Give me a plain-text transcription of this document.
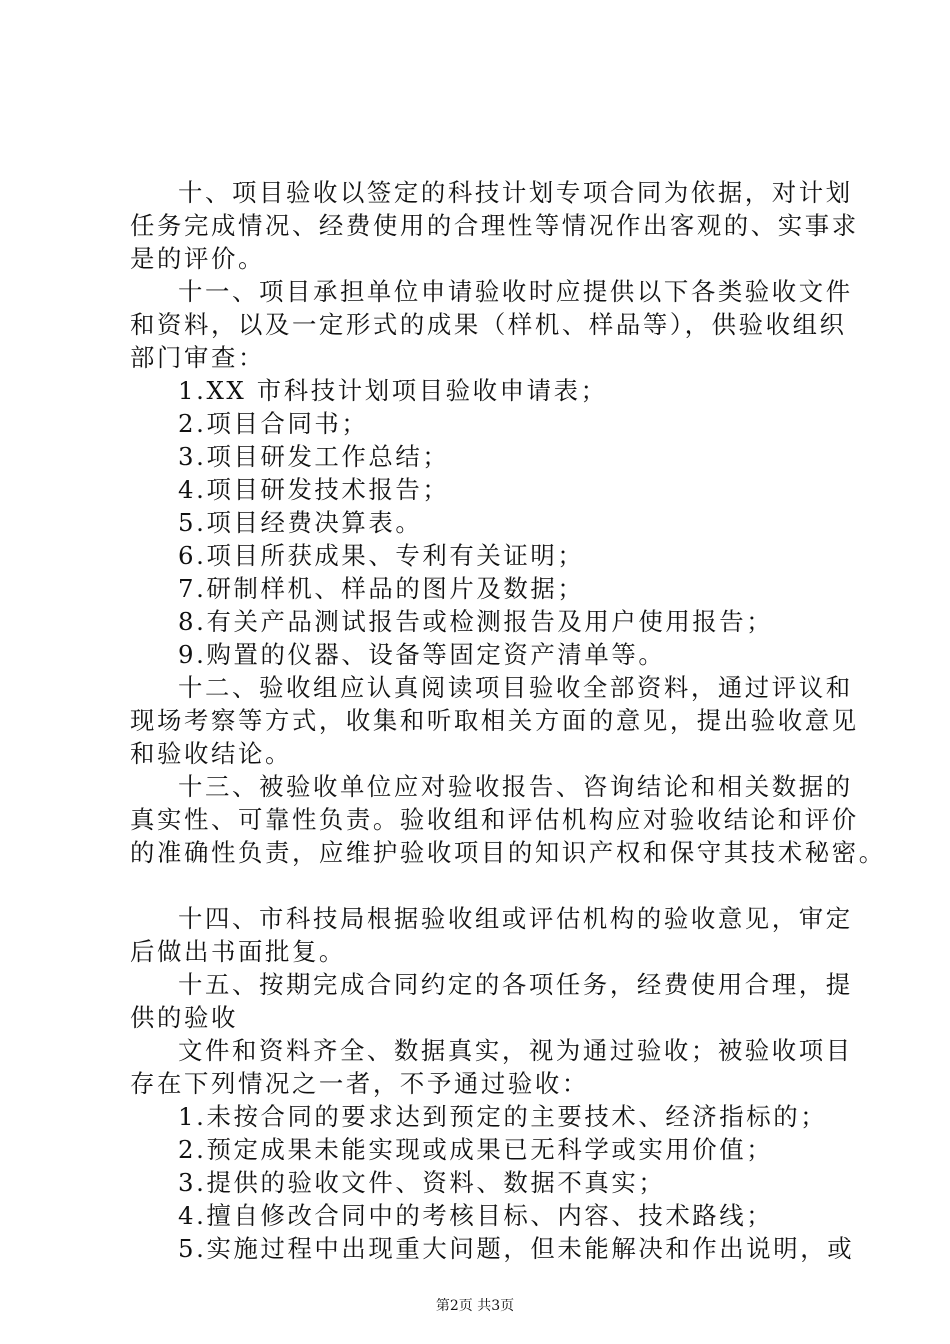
十、项目验收以签定的科技计划专项合同为依据，对计划
任务完成情况、经费使用的合理性等情况作出客观的、实事求
是的评价。
十一、项目承担单位申请验收时应提供以下各类验收文件
和资料，以及一定形式的成果（样机、样品等），供验收组织
部门审查：
1.XX 市科技计划项目验收申请表；
2.项目合同书；
3.项目研发工作总结；
4.项目研发技术报告；
5.项目经费决算表。
6.项目所获成果、专利有关证明；
7.研制样机、样品的图片及数据；
8.有关产品测试报告或检测报告及用户使用报告；
9.购置的仪器、设备等固定资产清单等。
十二、验收组应认真阅读项目验收全部资料，通过评议和
现场考察等方式，收集和听取相关方面的意见，提出验收意见
和验收结论。
十三、被验收单位应对验收报告、咨询结论和相关数据的
真实性、可靠性负责。验收组和评估机构应对验收结论和评价
的准确性负责，应维护验收项目的知识产权和保守其技术秘密。
十四、市科技局根据验收组或评估机构的验收意见，审定
后做出书面批复。
十五、按期完成合同约定的各项任务，经费使用合理，提
供的验收
文件和资料齐全、数据真实，视为通过验收；被验收项目
存在下列情况之一者，不予通过验收：
1.未按合同的要求达到预定的主要技术、经济指标的；
2.预定成果未能实现或成果已无科学或实用价值；
3.提供的验收文件、资料、数据不真实；
4.擅自修改合同中的考核目标、内容、技术路线；
5.实施过程中出现重大问题，但未能解决和作出说明，或
第2页 共3页
